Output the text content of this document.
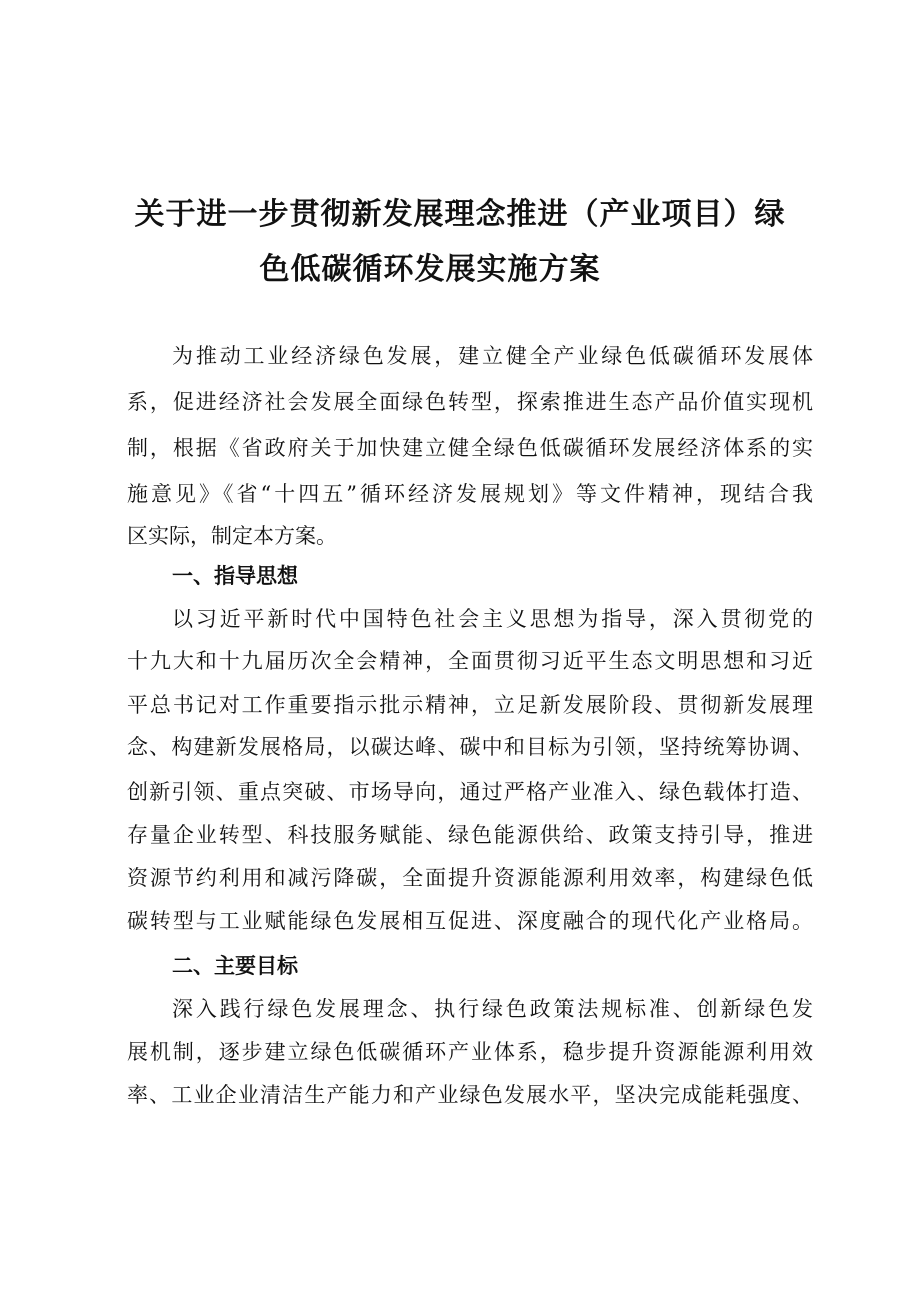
关于进一步贯彻新发展理念推进（产业项目）绿
色低碳循环发展实施方案
为推动工业经济绿色发展，建立健全产业绿色低碳循环发展体
系，促进经济社会发展全面绿色转型，探索推进生态产品价值实现机
制，根据《省政府关于加快建立健全绿色低碳循环发展经济体系的实
施意见》《省“十四五”循环经济发展规划》等文件精神，现结合我
区实际，制定本方案。
一、指导思想
以习近平新时代中国特色社会主义思想为指导，深入贯彻党的
十九大和十九届历次全会精神，全面贯彻习近平生态文明思想和习近
平总书记对工作重要指示批示精神，立足新发展阶段、贯彻新发展理
念、构建新发展格局，以碳达峰、碳中和目标为引领，坚持统筹协调、
创新引领、重点突破、市场导向，通过严格产业准入、绿色载体打造、
存量企业转型、科技服务赋能、绿色能源供给、政策支持引导，推进
资源节约利用和减污降碳，全面提升资源能源利用效率，构建绿色低
碳转型与工业赋能绿色发展相互促进、深度融合的现代化产业格局。
二、主要目标
深入践行绿色发展理念、执行绿色政策法规标准、创新绿色发
展机制，逐步建立绿色低碳循环产业体系，稳步提升资源能源利用效
率、工业企业清洁生产能力和产业绿色发展水平，坚决完成能耗强度、
